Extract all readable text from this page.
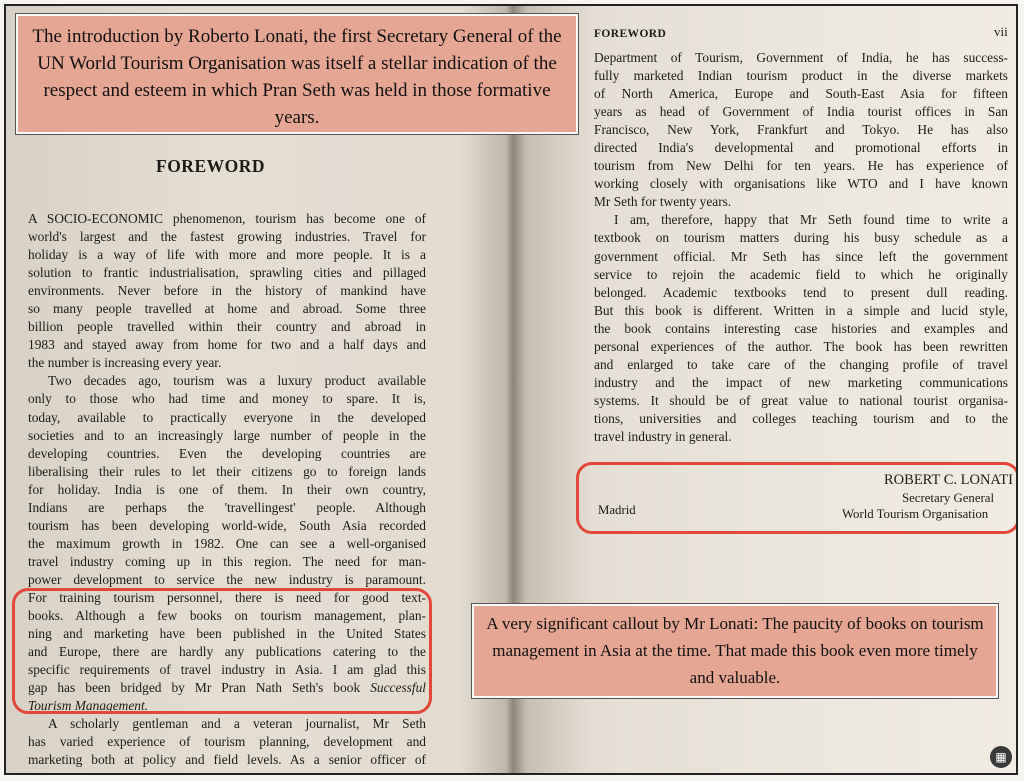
FOREWORD
A SOCIO-ECONOMIC phenomenon, tourism has become one of
world's largest and the fastest growing industries. Travel for
holiday is a way of life with more and more people. It is a
solution to frantic industrialisation, sprawling cities and pillaged
environments. Never before in the history of mankind have
so many people travelled at home and abroad. Some three
billion people travelled within their country and abroad in
1983 and stayed away from home for two and a half days and
the number is increasing every year.
Two decades ago, tourism was a luxury product available
only to those who had time and money to spare. It is,
today, available to practically everyone in the developed
societies and to an increasingly large number of people in the
developing countries. Even the developing countries are
liberalising their rules to let their citizens go to foreign lands
for holiday. India is one of them. In their own country,
Indians are perhaps the 'travellingest' people. Although
tourism has been developing world-wide, South Asia recorded
the maximum growth in 1982. One can see a well-organised
travel industry coming up in this region. The need for man-
power development to service the new industry is paramount.
For training tourism personnel, there is need for good text-
books. Although a few books on tourism management, plan-
ning and marketing have been published in the United States
and Europe, there are hardly any publications catering to the
specific requirements of travel industry in Asia. I am glad this
gap has been bridged by Mr Pran Nath Seth's book Successful
Tourism Management.
A scholarly gentleman and a veteran journalist, Mr Seth
has varied experience of tourism planning, development and
marketing both at policy and field levels. As a senior officer of
FOREWORD	vii
Department of Tourism, Government of India, he has success-
fully marketed Indian tourism product in the diverse markets
of North America, Europe and South-East Asia for fifteen
years as head of Government of India tourist offices in San
Francisco, New York, Frankfurt and Tokyo. He has also
directed India's developmental and promotional efforts in
tourism from New Delhi for ten years. He has experience of
working closely with organisations like WTO and I have known
Mr Seth for twenty years.
I am, therefore, happy that Mr Seth found time to write a
textbook on tourism matters during his busy schedule as a
government official. Mr Seth has since left the government
service to rejoin the academic field to which he originally
belonged. Academic textbooks tend to present dull reading.
But this book is different. Written in a simple and lucid style,
the book contains interesting case histories and examples and
personal experiences of the author. The book has been rewritten
and enlarged to take care of the changing profile of travel
industry and the impact of new marketing communications
systems. It should be of great value to national tourist organisa-
tions, universities and colleges teaching tourism and to the
travel industry in general.
ROBERT C. LONATI
Secretary General
Madrid	World Tourism Organisation
The introduction by Roberto Lonati, the first Secretary General of the UN World Tourism Organisation was itself a stellar indication of the respect and esteem in which Pran Seth was held in those formative years.
A very significant callout by Mr Lonati: The paucity of books on tourism management in Asia at the time. That made this book even more timely and valuable.
▦
